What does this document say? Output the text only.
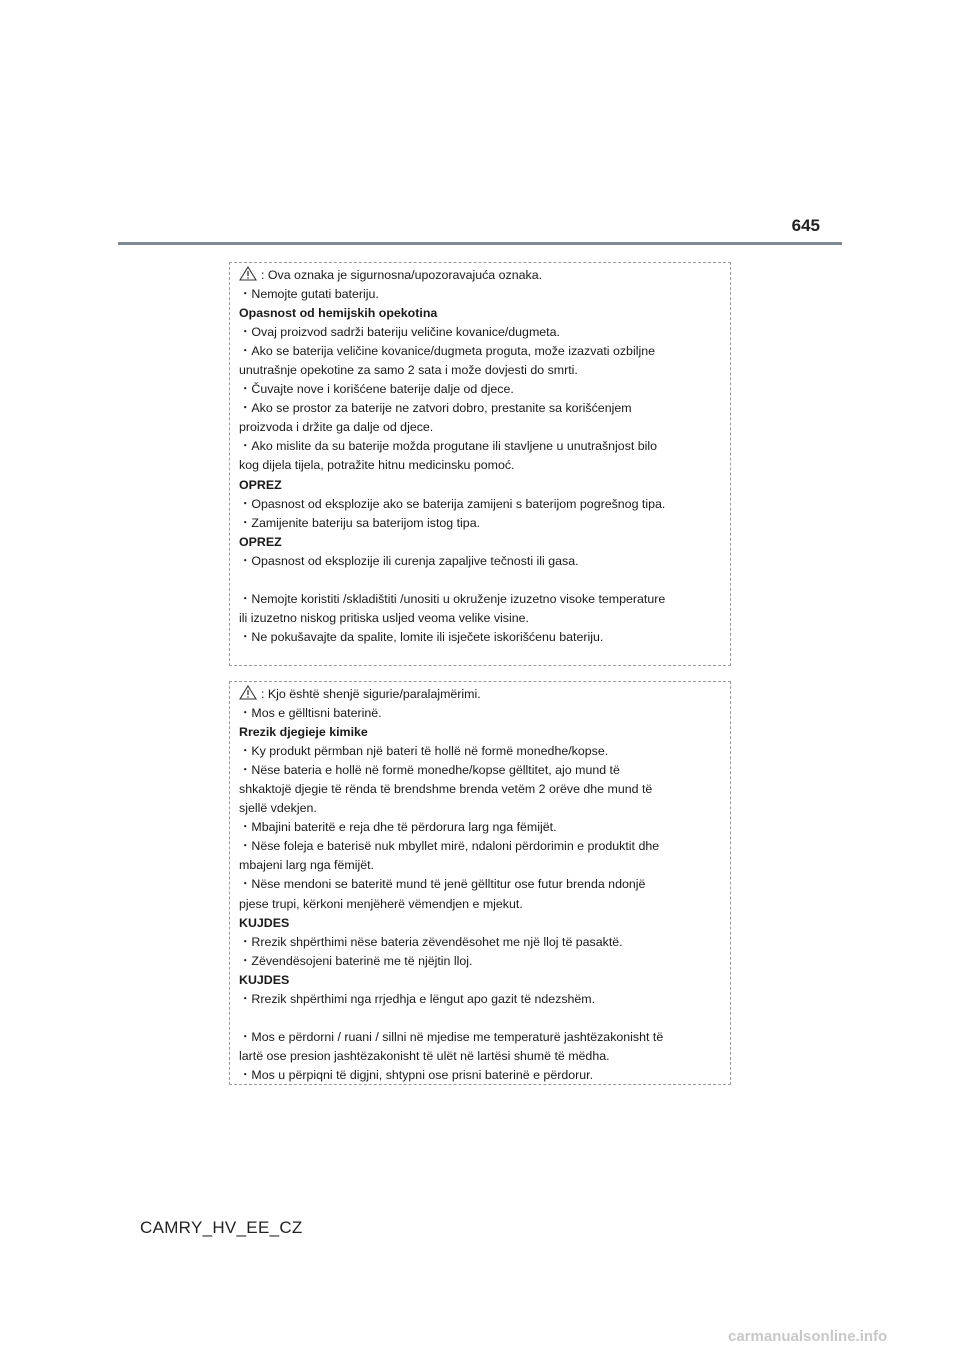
645
: Ova oznaka je sigurnosna/upozoravajuća oznaka.
・Nemojte gutati bateriju.
Opasnost od hemijskih opekotina
・Ovaj proizvod sadrži bateriju veličine kovanice/dugmeta.
・Ako se baterija veličine kovanice/dugmeta proguta, može izazvati ozbiljne
unutrašnje opekotine za samo 2 sata i može dovjesti do smrti.
・Čuvajte nove i korišćene baterije dalje od djece.
・Ako se prostor za baterije ne zatvori dobro, prestanite sa korišćenjem
proizvoda i držite ga dalje od djece.
・Ako mislite da su baterije možda progutane ili stavljene u unutrašnjost bilo
kog dijela tijela, potražite hitnu medicinsku pomoć.
OPREZ
・Opasnost od eksplozije ako se baterija zamijeni s baterijom pogrešnog tipa.
・Zamijenite bateriju sa baterijom istog tipa.
OPREZ
・Opasnost od eksplozije ili curenja zapaljive tečnosti ili gasa.
・Nemojte koristiti /skladištiti /unositi u okruženje izuzetno visoke temperature
ili izuzetno niskog pritiska usljed veoma velike visine.
・Ne pokušavajte da spalite, lomite ili isječete iskorišćenu bateriju.
: Kjo është shenjë sigurie/paralajmërimi.
・Mos e gëlltisni baterinë.
Rrezik djegieje kimike
・Ky produkt përmban një bateri të hollë në formë monedhe/kopse.
・Nëse bateria e hollë në formë monedhe/kopse gëlltitet, ajo mund të
shkaktojë djegie të rënda të brendshme brenda vetëm 2 orëve dhe mund të
sjellë vdekjen.
・Mbajini bateritë e reja dhe të përdorura larg nga fëmijët.
・Nëse foleja e baterisë nuk mbyllet mirë, ndaloni përdorimin e produktit dhe
mbajeni larg nga fëmijët.
・Nëse mendoni se bateritë mund të jenë gëlltitur ose futur brenda ndonjë
pjese trupi, kërkoni menjëherë vëmendjen e mjekut.
KUJDES
・Rrezik shpërthimi nëse bateria zëvendësohet me një lloj të pasaktë.
・Zëvendësojeni baterinë me të njëjtin lloj.
KUJDES
・Rrezik shpërthimi nga rrjedhja e lëngut apo gazit të ndezshëm.
・Mos e përdorni / ruani / sillni në mjedise me temperaturë jashtëzakonisht të
lartë ose presion jashtëzakonisht të ulët në lartësi shumë të mëdha.
・Mos u përpiqni të digjni, shtypni ose prisni baterinë e përdorur.
CAMRY_HV_EE_CZ
carmanualsonline.info
